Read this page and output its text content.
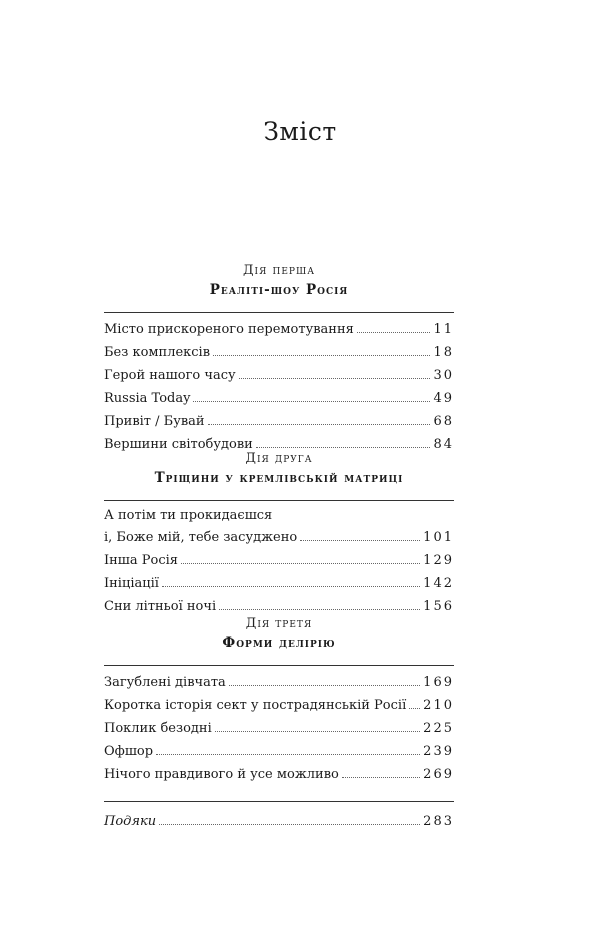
Зміст
Дія перша
Реаліті-шоу Росія
Місто прискореного перемотування	11
Без комплексів	18
Герой нашого часу	30
Russia Today	49
Привіт / Бувай	68
Вершини світобудови	84
Дія друга
Тріщини у кремлівській матриці
А потім ти прокидаєшся
і, Боже мій, тебе засуджено	101
Інша Росія	129
Ініціації	142
Сни літньої ночі	156
Дія третя
Форми делірію
Загублені дівчата	169
Коротка історія сект у пострадянській Росії 210
Поклик безодні	225
Офшор	239
Нічого правдивого й усе можливо	269
Подяки	283
